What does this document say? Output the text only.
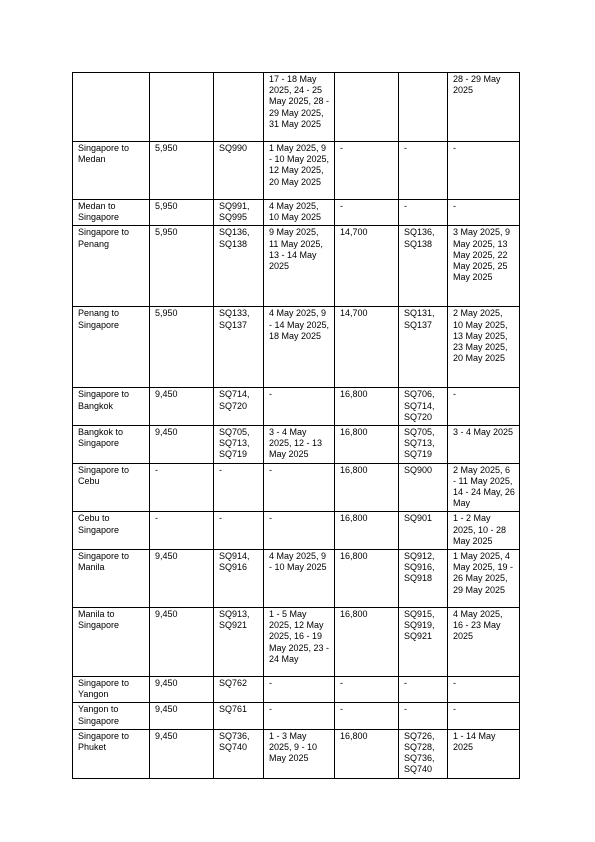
			17 - 18 May 2025, 24 - 25 May 2025, 28 - 29 May 2025, 31 May 2025			28 - 29 May 2025
Singapore to Medan	5,950	SQ990	1 May 2025, 9 - 10 May 2025, 12 May 2025, 20 May 2025	-	-	-
Medan to Singapore	5,950	SQ991, SQ995	4 May 2025, 10 May 2025	-	-	-
Singapore to Penang	5,950	SQ136, SQ138	9 May 2025, 11 May 2025, 13 - 14 May 2025	14,700	SQ136, SQ138	3 May 2025, 9 May 2025, 13 May 2025, 22 May 2025, 25 May 2025
Penang to Singapore	5,950	SQ133, SQ137	4 May 2025, 9 - 14 May 2025, 18 May 2025	14,700	SQ131, SQ137	2 May 2025, 10 May 2025, 13 May 2025, 23 May 2025, 20 May 2025
Singapore to Bangkok	9,450	SQ714, SQ720	-	16,800	SQ706, SQ714, SQ720	-
Bangkok to Singapore	9,450	SQ705, SQ713, SQ719	3 - 4 May 2025, 12 - 13 May 2025	16,800	SQ705, SQ713, SQ719	3 - 4 May 2025
Singapore to Cebu	-	-	-	16,800	SQ900	2 May 2025, 6 - 11 May 2025, 14 - 24 May, 26 May
Cebu to Singapore	-	-	-	16,800	SQ901	1 - 2 May 2025, 10 - 28 May 2025
Singapore to Manila	9,450	SQ914, SQ916	4 May 2025, 9 - 10 May 2025	16,800	SQ912, SQ916, SQ918	1 May 2025, 4 May 2025, 19 - 26 May 2025, 29 May 2025
Manila to Singapore	9,450	SQ913, SQ921	1 - 5 May 2025, 12 May 2025, 16 - 19 May 2025, 23 - 24 May	16,800	SQ915, SQ919, SQ921	4 May 2025, 16 - 23 May 2025
Singapore to Yangon	9,450	SQ762	-	-	-	-
Yangon to Singapore	9,450	SQ761	-	-	-	-
Singapore to Phuket	9,450	SQ736, SQ740	1 - 3 May 2025, 9 - 10 May 2025	16,800	SQ726, SQ728, SQ736, SQ740	1 - 14 May 2025
